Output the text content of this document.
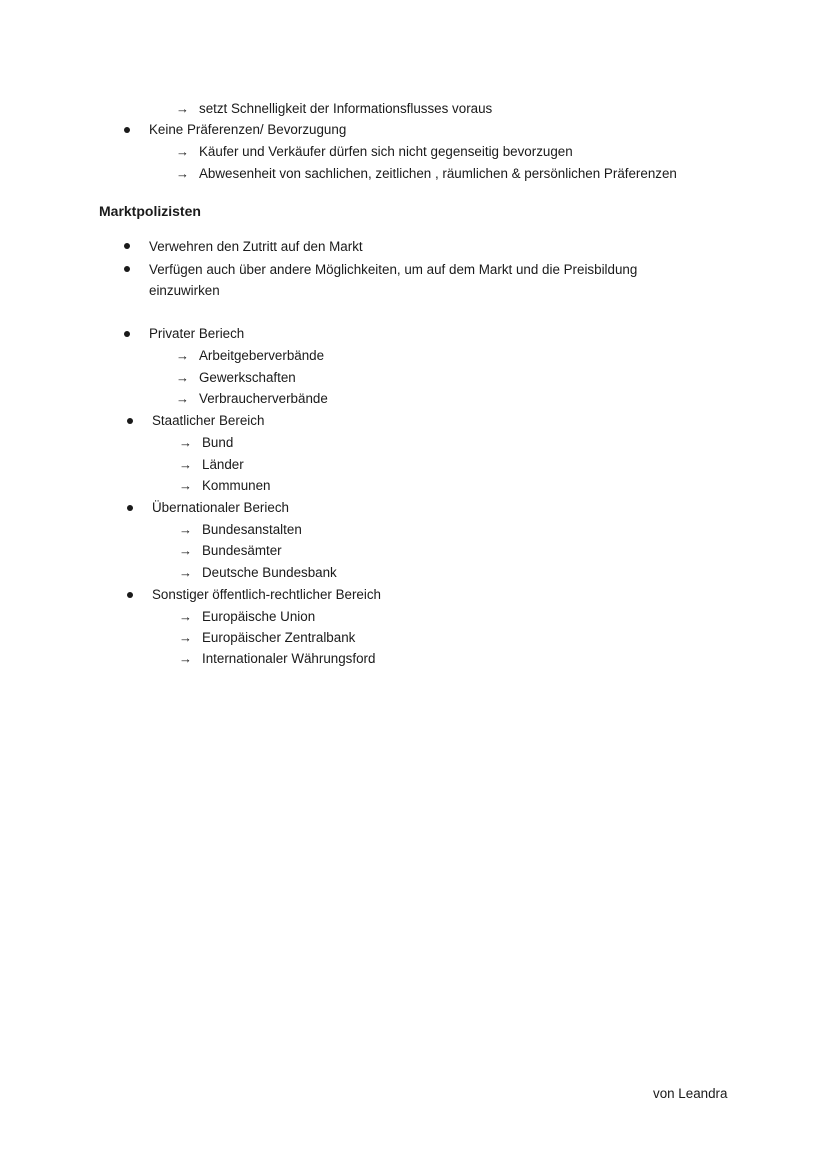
→ setzt Schnelligkeit der Informationsflusses voraus
Keine Präferenzen/ Bevorzugung
→ Käufer und Verkäufer dürfen sich nicht gegenseitig bevorzugen
→ Abwesenheit von sachlichen, zeitlichen , räumlichen & persönlichen Präferenzen
Marktpolizisten
Verwehren den Zutritt auf den Markt
Verfügen auch über andere Möglichkeiten, um auf dem Markt und die Preisbildung
einzuwirken
Privater Beriech
→ Arbeitgeberverbände
→ Gewerkschaften
→ Verbraucherverbände
Staatlicher Bereich
→ Bund
→ Länder
→ Kommunen
Übernationaler Beriech
→ Bundesanstalten
→ Bundesämter
→ Deutsche Bundesbank
Sonstiger öffentlich-rechtlicher Bereich
→ Europäische Union
→ Europäischer Zentralbank
→ Internationaler Währungsford
von Leandra
